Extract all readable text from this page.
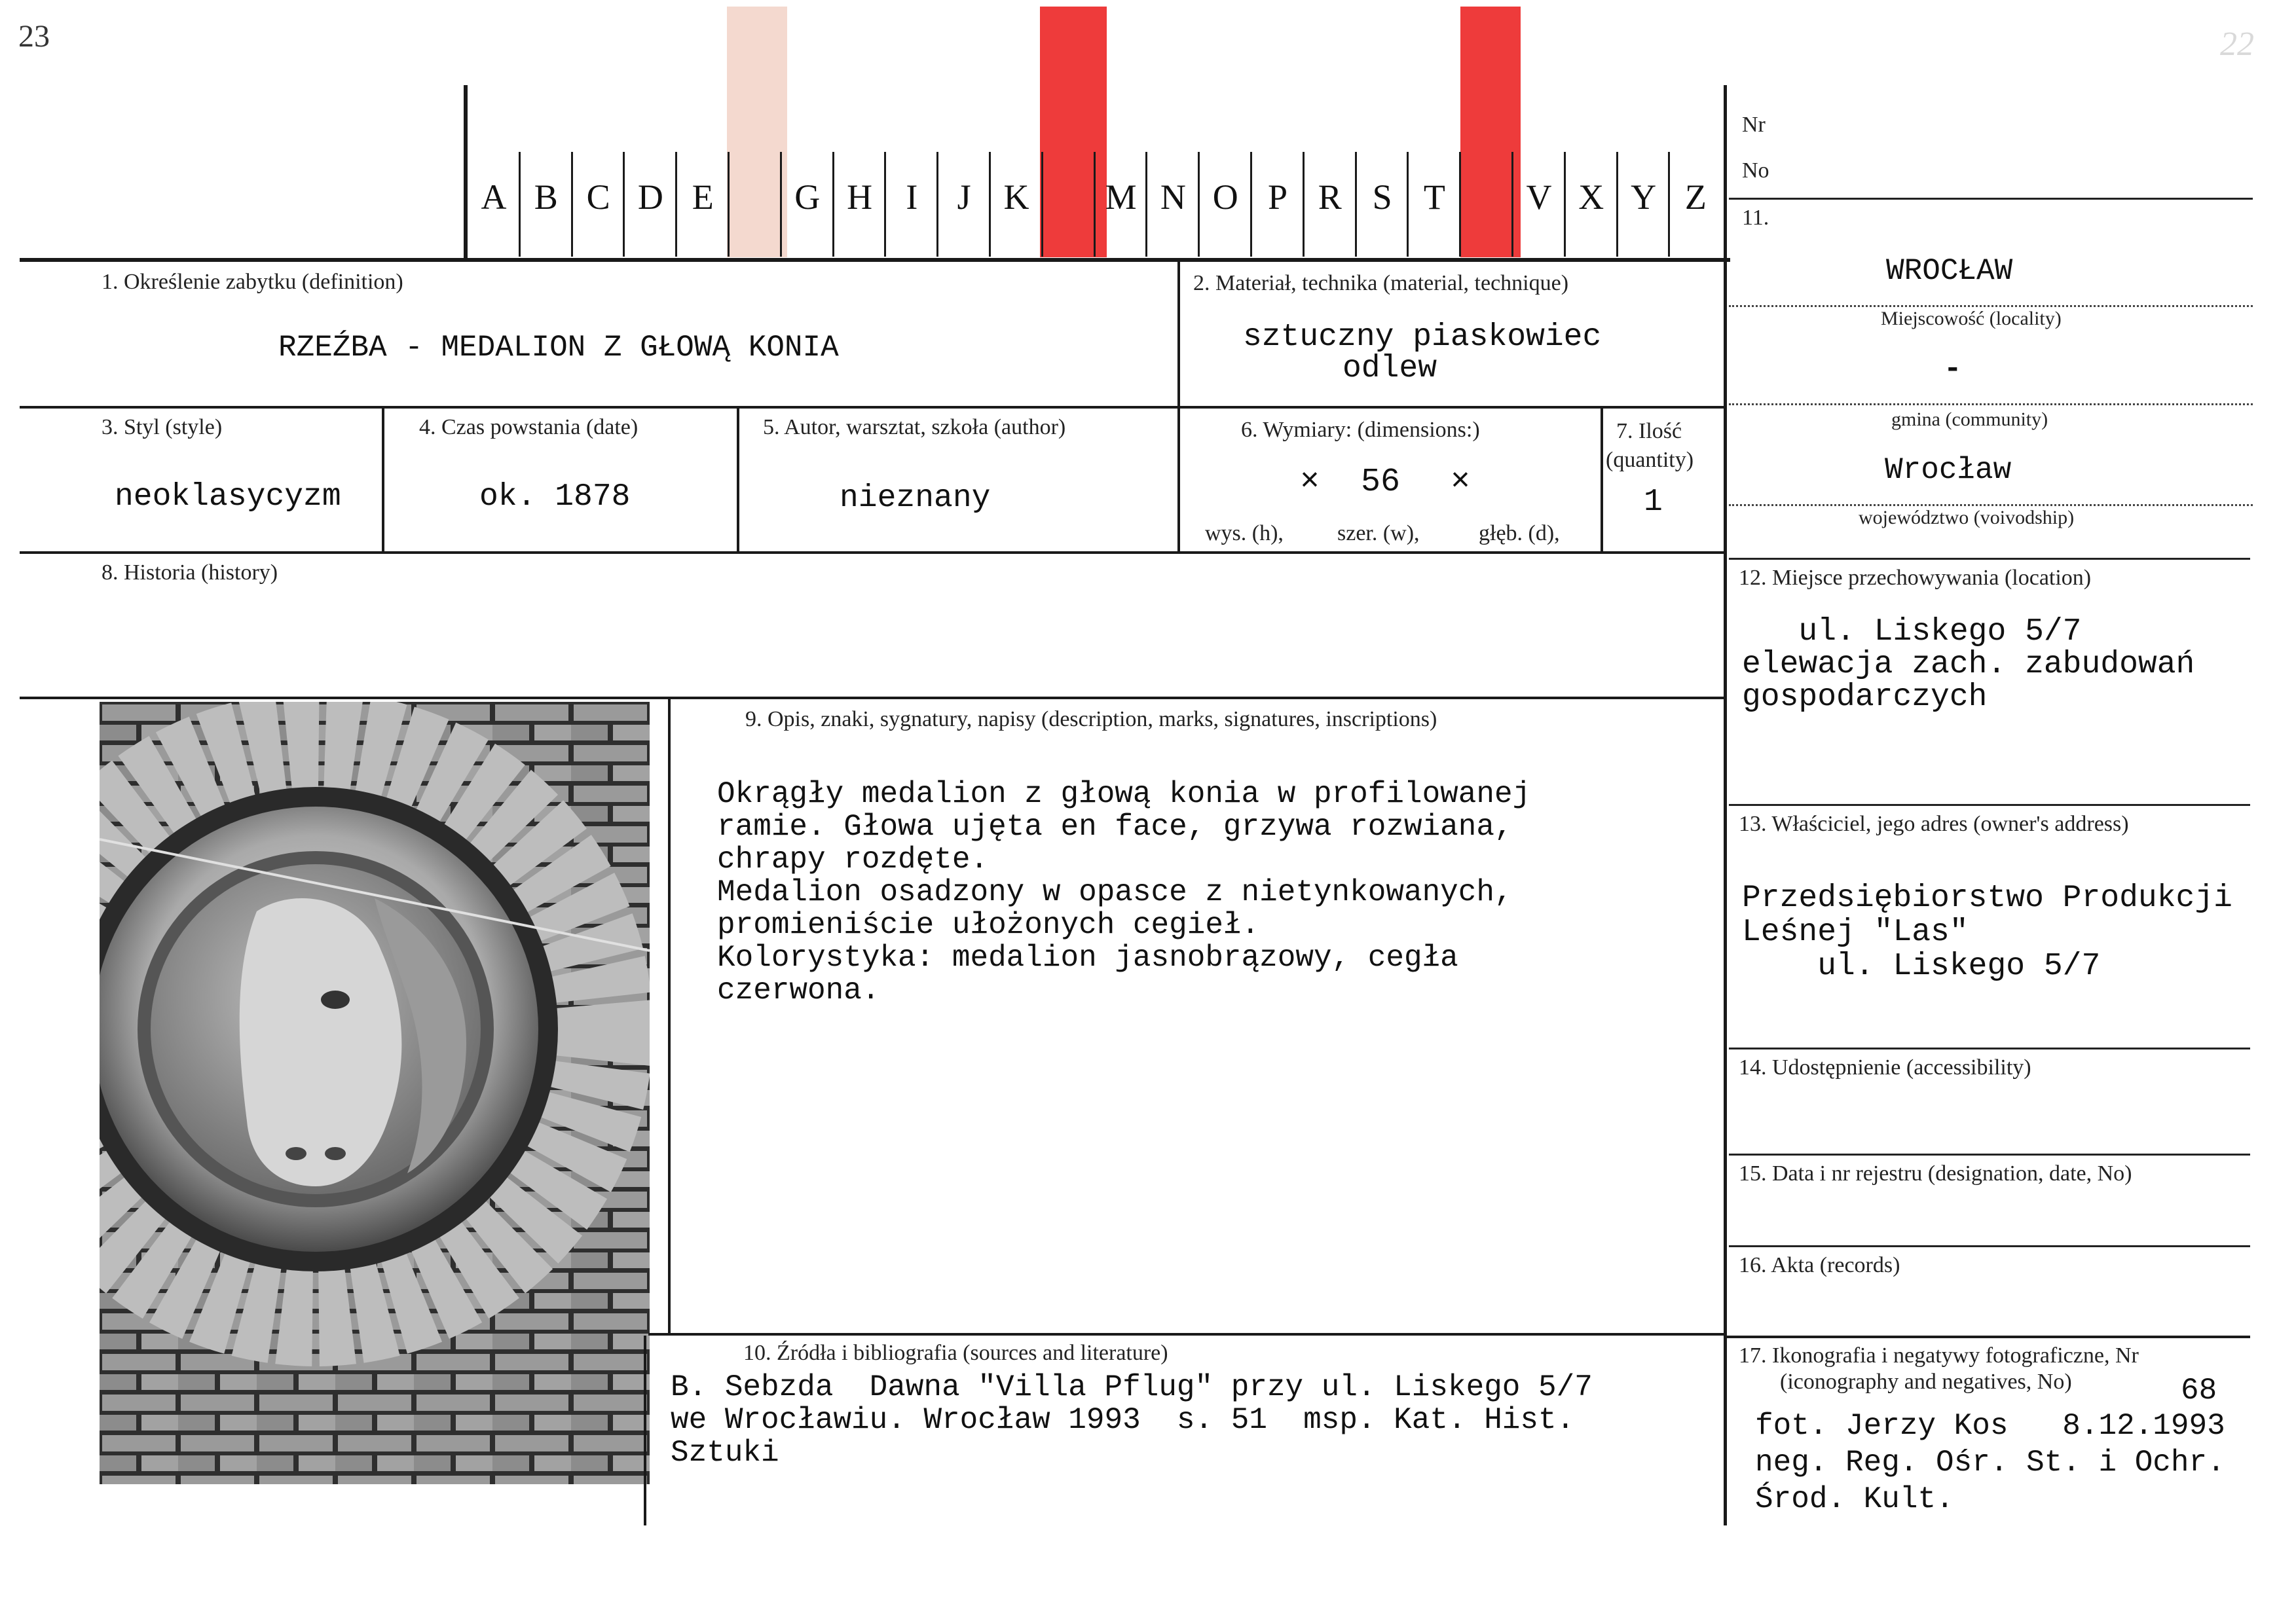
23	22
A B C D E	G H I	J K M N O P R S T	V X Y Z
Nr
No
11.
1. Określenie zabytku (definition)
RZEŹBA - MEDALION Z GŁOWĄ KONIA
2. Materiał, technika (material, technique)
sztuczny piaskowiec
odlew
3. Styl (style)
neoklasycyzm
4. Czas powstania (date)
ok. 1878
5. Autor, warsztat, szkoła (author)
nieznany
6. Wymiary: (dimensions:)
× 56 ×
wys. (h), szer. (w),	głęb. (d),
7. Ilość
(quantity)
1
8. Historia (history)
9. Opis, znaki, sygnatury, napisy (description, marks, signatures, inscriptions)
Okrągły medalion z głową konia w profilowanej
ramie. Głowa ujęta en face, grzywa rozwiana,
chrapy rozdęte.
Medalion osadzony w opasce z nietynkowanych,
promieniście ułożonych cegieł.
Kolorystyka: medalion jasnobrązowy, cegła
czerwona.
10. Źródła i bibliografia (sources and literature)
B. Sebzda  Dawna "Villa Pflug" przy ul. Liskego 5/7
we Wrocławiu. Wrocław 1993  s. 51  msp. Kat. Hist.
Sztuki
WROCŁAW
Miejscowość (locality)
-
gmina (community)
Wrocław
województwo (voivodship)
12. Miejsce przechowywania (location)
ul. Liskego 5/7
elewacja zach. zabudowań
gospodarczych
13. Właściciel, jego adres (owner's address)
Przedsiębiorstwo Produkcji
Leśnej "Las"
ul. Liskego 5/7
14. Udostępnienie (accessibility)
15. Data i nr rejestru (designation, date, No)
16. Akta (records)
17. Ikonografia i negatywy fotograficzne, Nr
(iconography and negatives, No)	68
fot. Jerzy Kos   8.12.1993
neg. Reg. Ośr. St. i Ochr.
Środ. Kult.
